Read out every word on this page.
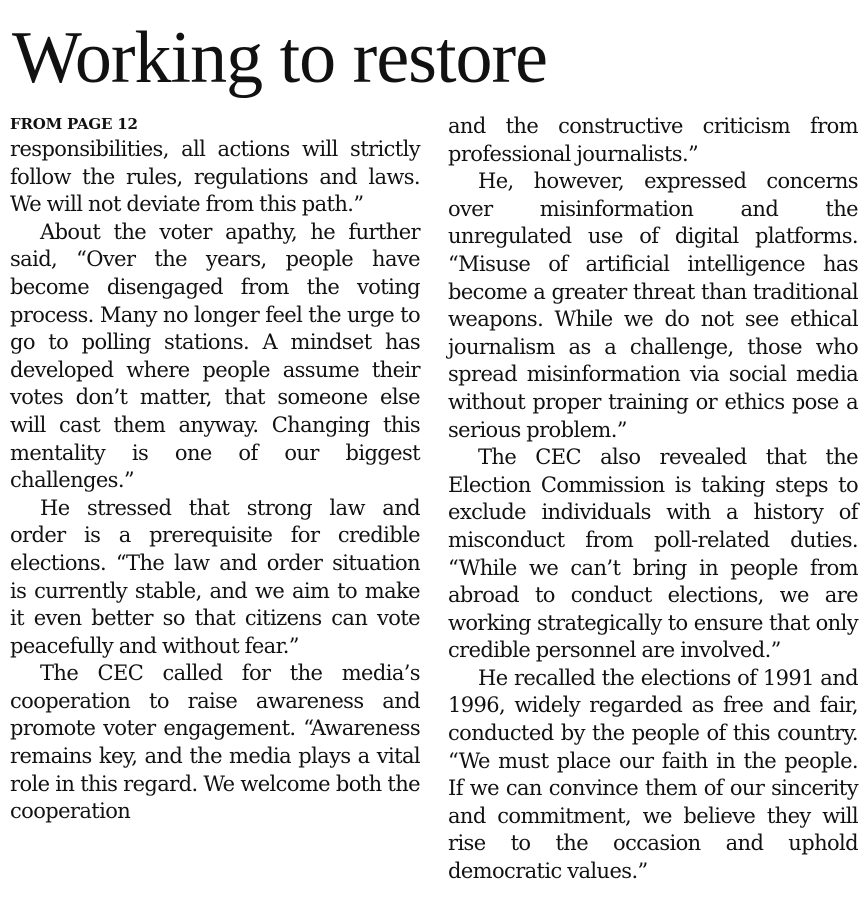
Working to restore
FROM PAGE 12

responsibilities, all actions will strictly follow the rules, regulations and laws. We will not deviate from this path.”

About the voter apathy, he further said, “Over the years, people have become disengaged from the voting process. Many no longer feel the urge to go to polling stations. A mindset has developed where people assume their votes don’t matter, that someone else will cast them anyway. Changing this mentality is one of our biggest challenges.”

He stressed that strong law and order is a prerequisite for credible elections. “The law and order situation is currently stable, and we aim to make it even better so that citizens can vote peacefully and without fear.”

The CEC called for the media’s cooperation to raise awareness and promote voter engagement. “Awareness remains key, and the media plays a vital role in this regard. We welcome both the cooperation

and the constructive criticism from professional journalists.”

He, however, expressed concerns over misinformation and the unregulated use of digital platforms. “Misuse of artificial intelligence has become a greater threat than traditional weapons. While we do not see ethical journalism as a challenge, those who spread misinformation via social media without proper training or ethics pose a serious problem.”

The CEC also revealed that the Election Commission is taking steps to exclude individuals with a history of misconduct from poll-related duties. “While we can’t bring in people from abroad to conduct elections, we are working strategically to ensure that only credible personnel are involved.”

He recalled the elections of 1991 and 1996, widely regarded as free and fair, conducted by the people of this country. “We must place our faith in the people. If we can convince them of our sincerity and commitment, we believe they will rise to the occasion and uphold democratic values.”
